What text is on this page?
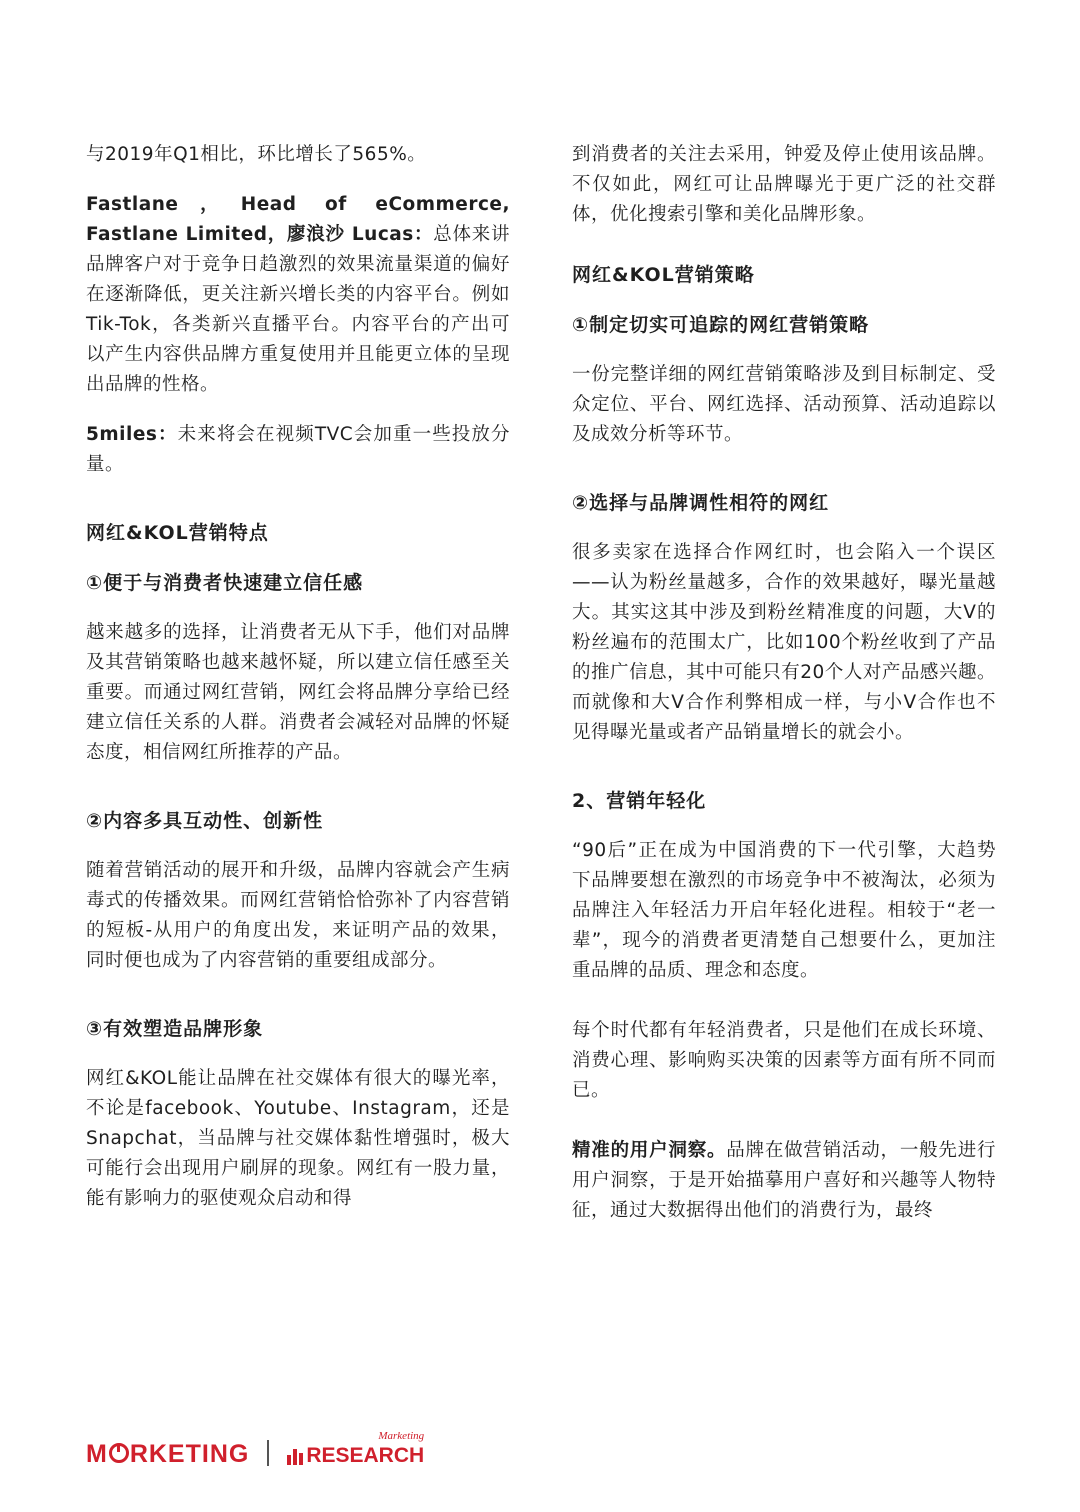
与2019年Q1相比，环比增长了565%。

Fastlane，Head of eCommerce, Fastlane Limited，廖浪沙 Lucas：总体来讲品牌客户对于竞争日趋激烈的效果流量渠道的偏好在逐渐降低，更关注新兴增长类的内容平台。例如 Tik-Tok，各类新兴直播平台。内容平台的产出可以产生内容供品牌方重复使用并且能更立体的呈现出品牌的性格。

5miles：未来将会在视频TVC会加重一些投放分量。

网红&KOL营销特点
①便于与消费者快速建立信任感

越来越多的选择，让消费者无从下手，他们对品牌及其营销策略也越来越怀疑，所以建立信任感至关重要。而通过网红营销，网红会将品牌分享给已经建立信任关系的人群。消费者会减轻对品牌的怀疑态度，相信网红所推荐的产品。

②内容多具互动性、创新性

随着营销活动的展开和升级，品牌内容就会产生病毒式的传播效果。而网红营销恰恰弥补了内容营销的短板-从用户的角度出发，来证明产品的效果，同时便也成为了内容营销的重要组成部分。

③有效塑造品牌形象

网红&KOL能让品牌在社交媒体有很大的曝光率，不论是facebook、Youtube、Instagram，还是Snapchat，当品牌与社交媒体黏性增强时，极大可能行会出现用户刷屏的现象。网红有一股力量，能有影响力的驱使观众启动和得

到消费者的关注去采用，钟爱及停止使用该品牌。不仅如此，网红可让品牌曝光于更广泛的社交群体，优化搜索引擎和美化品牌形象。

网红&KOL营销策略
①制定切实可追踪的网红营销策略

一份完整详细的网红营销策略涉及到目标制定、受众定位、平台、网红选择、活动预算、活动追踪以及成效分析等环节。

②选择与品牌调性相符的网红

很多卖家在选择合作网红时，也会陷入一个误区——认为粉丝量越多，合作的效果越好，曝光量越大。其实这其中涉及到粉丝精准度的问题，大V的粉丝遍布的范围太广，比如100个粉丝收到了产品的推广信息，其中可能只有20个人对产品感兴趣。而就像和大V合作利弊相成一样，与小V合作也不见得曝光量或者产品销量增长的就会小。

2、营销年轻化

“90后”正在成为中国消费的下一代引擎，大趋势下品牌要想在激烈的市场竞争中不被淘汰，必须为品牌注入年轻活力开启年轻化进程。相较于“老一辈”，现今的消费者更清楚自己想要什么，更加注重品牌的品质、理念和态度。

每个时代都有年轻消费者，只是他们在成长环境、消费心理、影响购买决策的因素等方面有所不同而已。

精准的用户洞察。品牌在做营销活动，一般先进行用户洞察，于是开始描摹用户喜好和兴趣等人物特征，通过大数据得出他们的消费行为，最终

M RKETING	RESEARCH
Marketing
